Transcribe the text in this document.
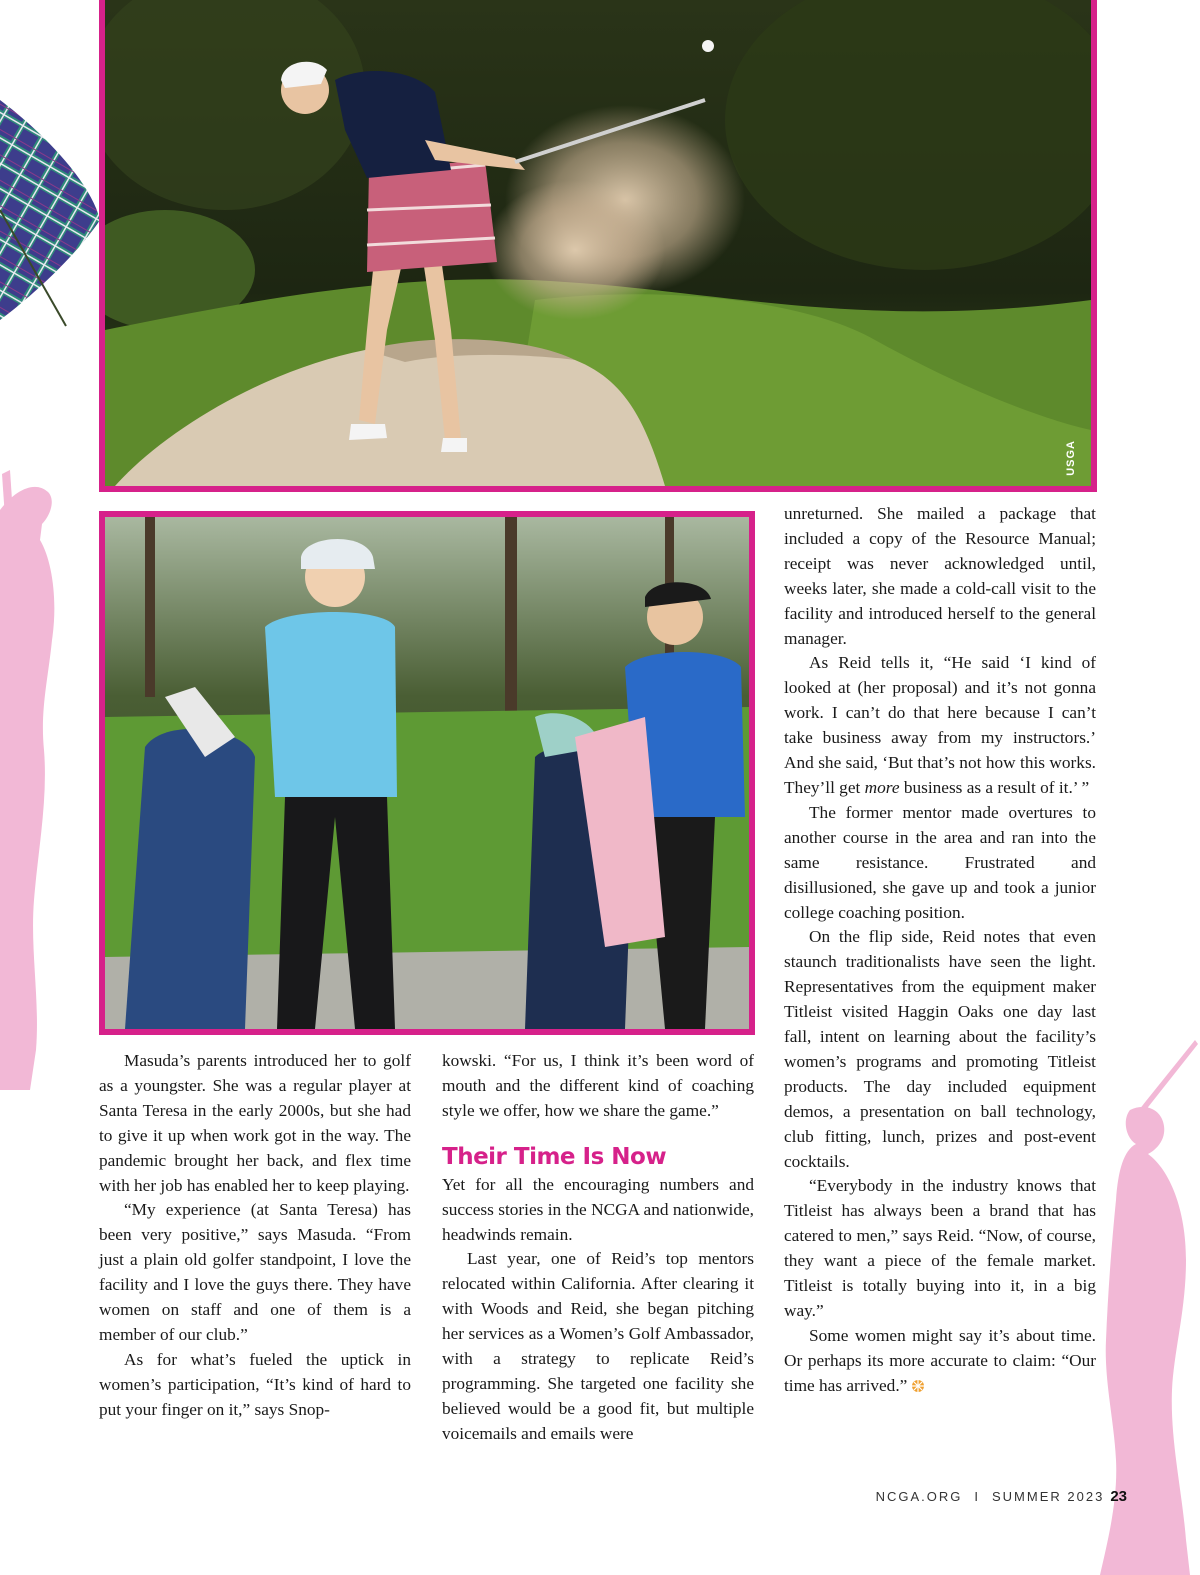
USGA

Masuda’s parents introduced her to golf as a youngster. She was a regular player at Santa Teresa in the early 2000s, but she had to give it up when work got in the way. The pandemic brought her back, and flex time with her job has enabled her to keep playing.

“My experience (at Santa Teresa) has been very positive,” says Masuda. “From just a plain old golfer standpoint, I love the facility and I love the guys there. They have women on staff and one of them is a member of our club.”

As for what’s fueled the uptick in women’s participation, “It’s kind of hard to put your finger on it,” says Snop-

kowski. “For us, I think it’s been word of mouth and the different kind of coaching style we offer, how we share the game.”

Their Time Is Now

Yet for all the encouraging numbers and success stories in the NCGA and nationwide, headwinds remain.

Last year, one of Reid’s top mentors relocated within California. After clearing it with Woods and Reid, she began pitching her services as a Women’s Golf Ambassador, with a strategy to replicate Reid’s programming. She targeted one facility she believed would be a good fit, but multiple voicemails and emails were

unreturned. She mailed a package that included a copy of the Resource Manual; receipt was never acknowledged until, weeks later, she made a cold-call visit to the facility and introduced herself to the general manager.

As Reid tells it, “He said ‘I kind of looked at (her proposal) and it’s not gonna work. I can’t do that here because I can’t take business away from my instructors.’ And she said, ‘But that’s not how this works. They’ll get more business as a result of it.’ ”

The former mentor made overtures to another course in the area and ran into the same resistance. Frustrated and disillusioned, she gave up and took a junior college coaching position.

On the flip side, Reid notes that even staunch traditionalists have seen the light. Representatives from the equipment maker Titleist visited Haggin Oaks one day last fall, intent on learning about the facility’s women’s programs and promoting Titleist products. The day included equipment demos, a presentation on ball technology, club fitting, lunch, prizes and post-event cocktails.

“Everybody in the industry knows that Titleist has always been a brand that has catered to men,” says Reid. “Now, of course, they want a piece of the female market. Titleist is totally buying into it, in a big way.”

Some women might say it’s about time. Or perhaps its more accurate to claim: “Our time has arrived.”

NCGA.ORG I SUMMER 2023 23
